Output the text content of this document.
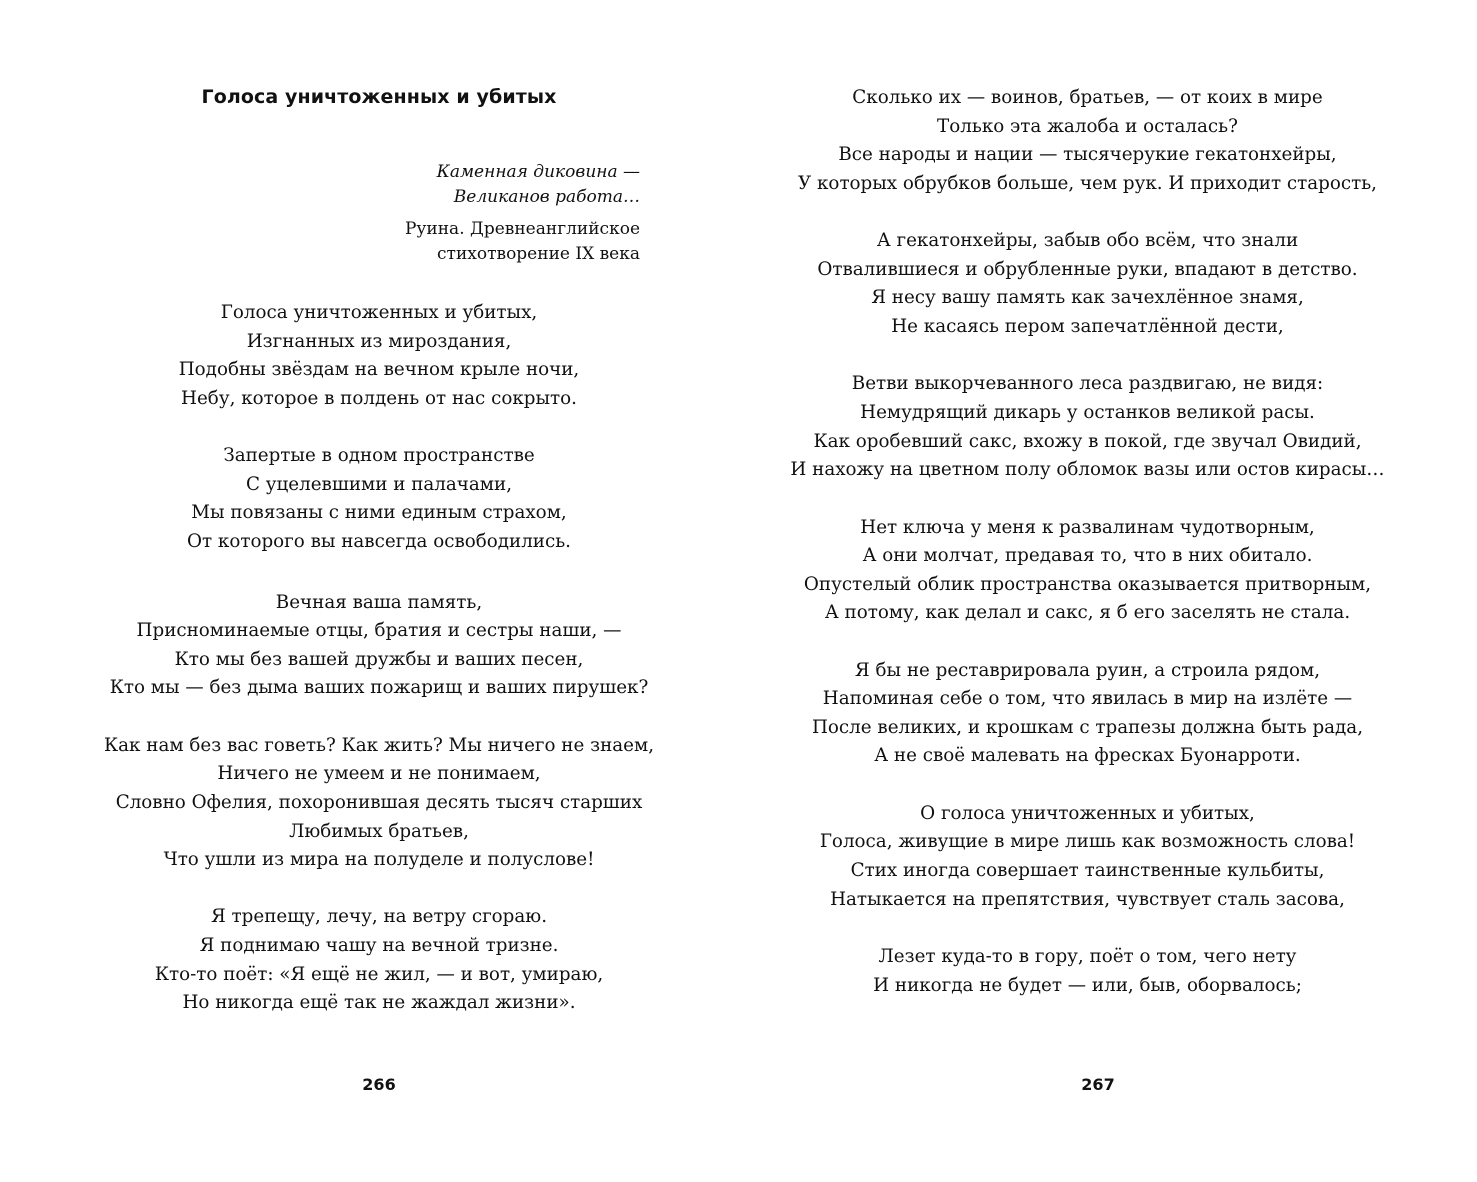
Голоса уничтоженных и убитых
Каменная диковина —
Великанов работа…
Руина. Древнеанглийское
стихотворение IX века
Голоса уничтоженных и убитых,
Изгнанных из мироздания,
Подобны звёздам на вечном крыле ночи,
Небу, которое в полдень от нас сокрыто.
Запертые в одном пространстве
С уцелевшими и палачами,
Мы повязаны с ними единым страхом,
От которого вы навсегда освободились.
Вечная ваша память,
Присноминаемые отцы, братия и сестры наши, —
Кто мы без вашей дружбы и ваших песен,
Кто мы — без дыма ваших пожарищ и ваших пирушек?
Как нам без вас говеть? Как жить? Мы ничего не знаем,
Ничего не умеем и не понимаем,
Словно Офелия, похоронившая десять тысяч старших
Любимых братьев,
Что ушли из мира на полуделе и полуслове!
Я трепещу, лечу, на ветру сгораю.
Я поднимаю чашу на вечной тризне.
Кто-то поёт: «Я ещё не жил, — и вот, умираю,
Но никогда ещё так не жаждал жизни».
266
Сколько их — воинов, братьев, — от коих в мире
Только эта жалоба и осталась?
Все народы и нации — тысячерукие гекатонхейры,
У которых обрубков больше, чем рук. И приходит старость,
А гекатонхейры, забыв обо всём, что знали
Отвалившиеся и обрубленные руки, впадают в детство.
Я несу вашу память как зачехлённое знамя,
Не касаясь пером запечатлённой дести,
Ветви выкорчеванного леса раздвигаю, не видя:
Немудрящий дикарь у останков великой расы.
Как оробевший сакс, вхожу в покой, где звучал Овидий,
И нахожу на цветном полу обломок вазы или остов кирасы…
Нет ключа у меня к развалинам чудотворным,
А они молчат, предавая то, что в них обитало.
Опустелый облик пространства оказывается притворным,
А потому, как делал и сакс, я б его заселять не стала.
Я бы не реставрировала руин, а строила рядом,
Напоминая себе о том, что явилась в мир на излёте —
После великих, и крошкам с трапезы должна быть рада,
А не своё малевать на фресках Буонарроти.
О голоса уничтоженных и убитых,
Голоса, живущие в мире лишь как возможность слова!
Стих иногда совершает таинственные кульбиты,
Натыкается на препятствия, чувствует сталь засова,
Лезет куда-то в гору, поёт о том, чего нету
И никогда не будет — или, быв, оборвалось;
267
